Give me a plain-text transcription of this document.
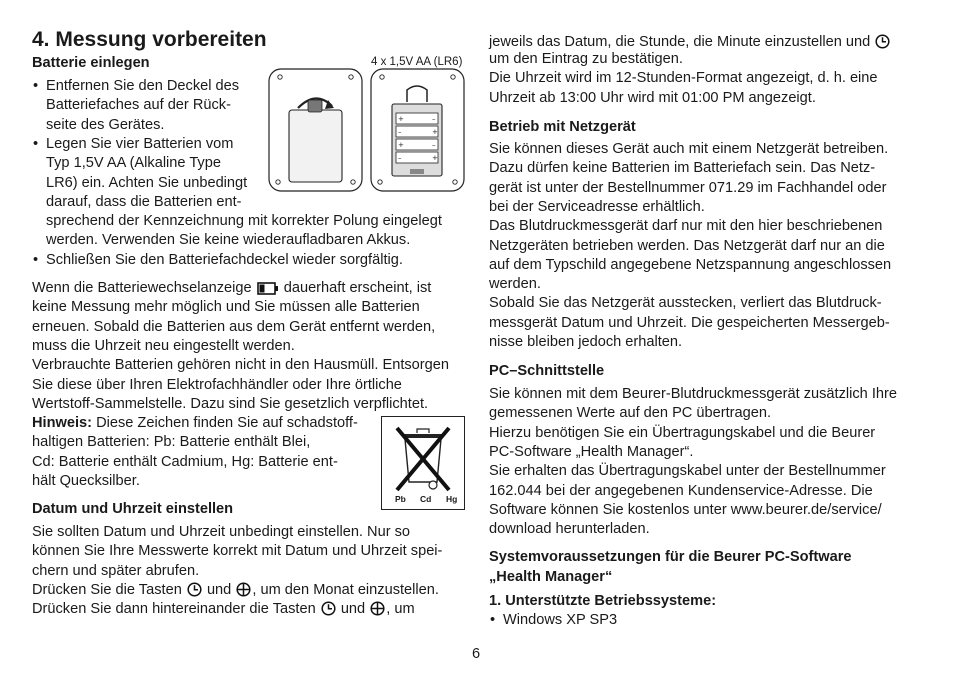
4. Messung vorbereiten
Batterie einlegen	4 x 1,5V AA (LR6)
+	–
–	+
+	–
–	+
• Entfernen Sie den Deckel des
Batteriefaches auf der Rück-
seite des Gerätes.
• Legen Sie vier Batterien vom
Typ 1,5V AA (Alkaline Type
LR6) ein. Achten Sie unbedingt
darauf, dass die Batterien ent-
sprechend der Kennzeichnung mit korrekter Polung eingelegt
werden. Verwenden Sie keine wiederaufladbaren Akkus.
• Schließen Sie den Batteriefachdeckel wieder sorgfältig.
Wenn die Batteriewechselanzeige dauerhaft erscheint, ist
keine Messung mehr möglich und Sie müssen alle Batterien
erneuen. Sobald die Batterien aus dem Gerät entfernt werden,
muss die Uhrzeit neu eingestellt werden.
Verbrauchte Batterien gehören nicht in den Hausmüll. Entsorgen
Sie diese über Ihren Elektrofachhändler oder Ihre örtliche
Wertstoff-Sammelstelle. Dazu sind Sie gesetzlich verpflichtet.
Hinweis: Diese Zeichen finden Sie auf schadstoff-
haltigen Batterien: Pb: Batterie enthält Blei,
Cd: Batterie enthält Cadmium, Hg: Batterie ent-
hält Quecksilber.
Pb Cd Hg
Datum und Uhrzeit einstellen
Sie sollten Datum und Uhrzeit unbedingt einstellen. Nur so
können Sie Ihre Messwerte korrekt mit Datum und Uhrzeit spei-
chern und später abrufen.
Drücken Sie die Tasten und , um den Monat einzustellen.
Drücken Sie dann hintereinander die Tasten und , um
jeweils das Datum, die Stunde, die Minute einzustellen und
um den Eintrag zu bestätigen.
Die Uhrzeit wird im 12-Stunden-Format angezeigt, d. h. eine
Uhrzeit ab 13:00 Uhr wird mit 01:00 PM angezeigt.
Betrieb mit Netzgerät
Sie können dieses Gerät auch mit einem Netzgerät betreiben.
Dazu dürfen keine Batterien im Batteriefach sein. Das Netz-
gerät ist unter der Bestellnummer 071.29 im Fachhandel oder
bei der Serviceadresse erhältlich.
Das Blutdruckmessgerät darf nur mit den hier beschriebenen
Netzgeräten betrieben werden. Das Netzgerät darf nur an die
auf dem Typschild angegebene Netzspannung angeschlossen
werden.
Sobald Sie das Netzgerät ausstecken, verliert das Blutdruck-
messgerät Datum und Uhrzeit. Die gespeicherten Messergeb-
nisse bleiben jedoch erhalten.
PC–Schnittstelle
Sie können mit dem Beurer-Blutdruckmessgerät zusätzlich Ihre
gemessenen Werte auf den PC übertragen.
Hierzu benötigen Sie ein Übertragungskabel und die Beurer
PC-Software „Health Manager“.
Sie erhalten das Übertragungskabel unter der Bestellnummer
162.044 bei der angegebenen Kundenservice-Adresse. Die
Software können Sie kostenlos unter www.beurer.de/service/
download herunterladen.
Systemvoraussetzungen für die Beurer PC-Software
„Health Manager“
1. Unterstützte Betriebssysteme:
• Windows XP SP3
6
